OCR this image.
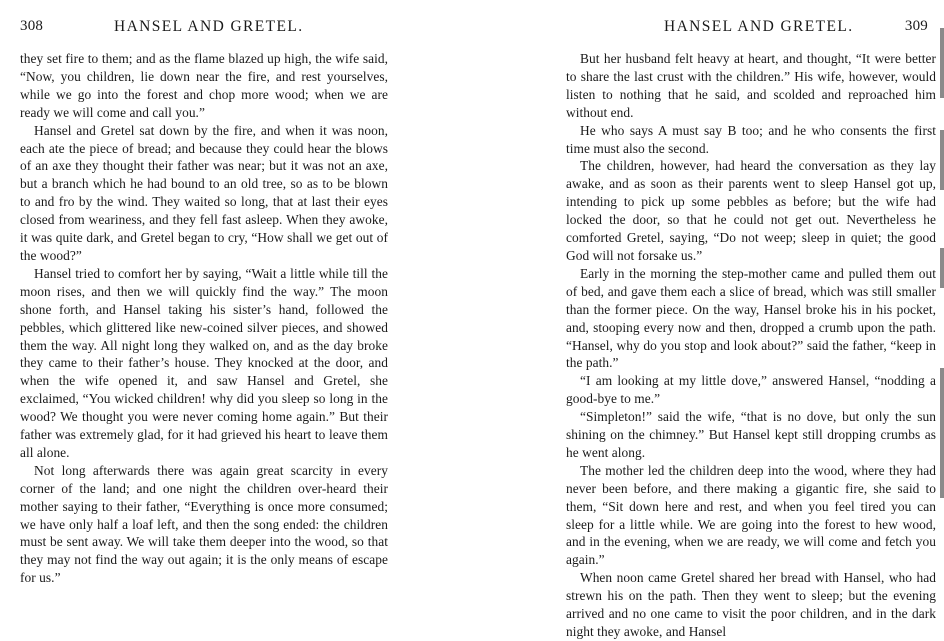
308	HANSEL AND GRETEL.

they set fire to them; and as the flame blazed up high, the wife said, “Now, you children, lie down near the fire, and rest yourselves, while we go into the forest and chop more wood; when we are ready we will come and call you.”

Hansel and Gretel sat down by the fire, and when it was noon, each ate the piece of bread; and because they could hear the blows of an axe they thought their father was near; but it was not an axe, but a branch which he had bound to an old tree, so as to be blown to and fro by the wind. They waited so long, that at last their eyes closed from weariness, and they fell fast asleep. When they awoke, it was quite dark, and Gretel began to cry, “How shall we get out of the wood?”

Hansel tried to comfort her by saying, “Wait a little while till the moon rises, and then we will quickly find the way.” The moon shone forth, and Hansel taking his sister’s hand, followed the pebbles, which glittered like new-coined silver pieces, and showed them the way. All night long they walked on, and as the day broke they came to their father’s house. They knocked at the door, and when the wife opened it, and saw Hansel and Gretel, she exclaimed, “You wicked children! why did you sleep so long in the wood? We thought you were never coming home again.” But their father was extremely glad, for it had grieved his heart to leave them all alone.

Not long afterwards there was again great scarcity in every corner of the land; and one night the children over-heard their mother saying to their father, “Everything is once more consumed; we have only half a loaf left, and then the song ended: the children must be sent away. We will take them deeper into the wood, so that they may not find the way out again; it is the only means of escape for us.”

HANSEL AND GRETEL.	309

But her husband felt heavy at heart, and thought, “It were better to share the last crust with the children.” His wife, however, would listen to nothing that he said, and scolded and reproached him without end.

He who says A must say B too; and he who consents the first time must also the second.

The children, however, had heard the conversation as they lay awake, and as soon as their parents went to sleep Hansel got up, intending to pick up some pebbles as before; but the wife had locked the door, so that he could not get out. Nevertheless he comforted Gretel, saying, “Do not weep; sleep in quiet; the good God will not forsake us.”

Early in the morning the step-mother came and pulled them out of bed, and gave them each a slice of bread, which was still smaller than the former piece. On the way, Hansel broke his in his pocket, and, stooping every now and then, dropped a crumb upon the path. “Hansel, why do you stop and look about?” said the father, “keep in the path.”

“I am looking at my little dove,” answered Hansel, “nodding a good-bye to me.”

“Simpleton!” said the wife, “that is no dove, but only the sun shining on the chimney.” But Hansel kept still dropping crumbs as he went along.

The mother led the children deep into the wood, where they had never been before, and there making a gigantic fire, she said to them, “Sit down here and rest, and when you feel tired you can sleep for a little while. We are going into the forest to hew wood, and in the evening, when we are ready, we will come and fetch you again.”

When noon came Gretel shared her bread with Hansel, who had strewn his on the path. Then they went to sleep; but the evening arrived and no one came to visit the poor children, and in the dark night they awoke, and Hansel
